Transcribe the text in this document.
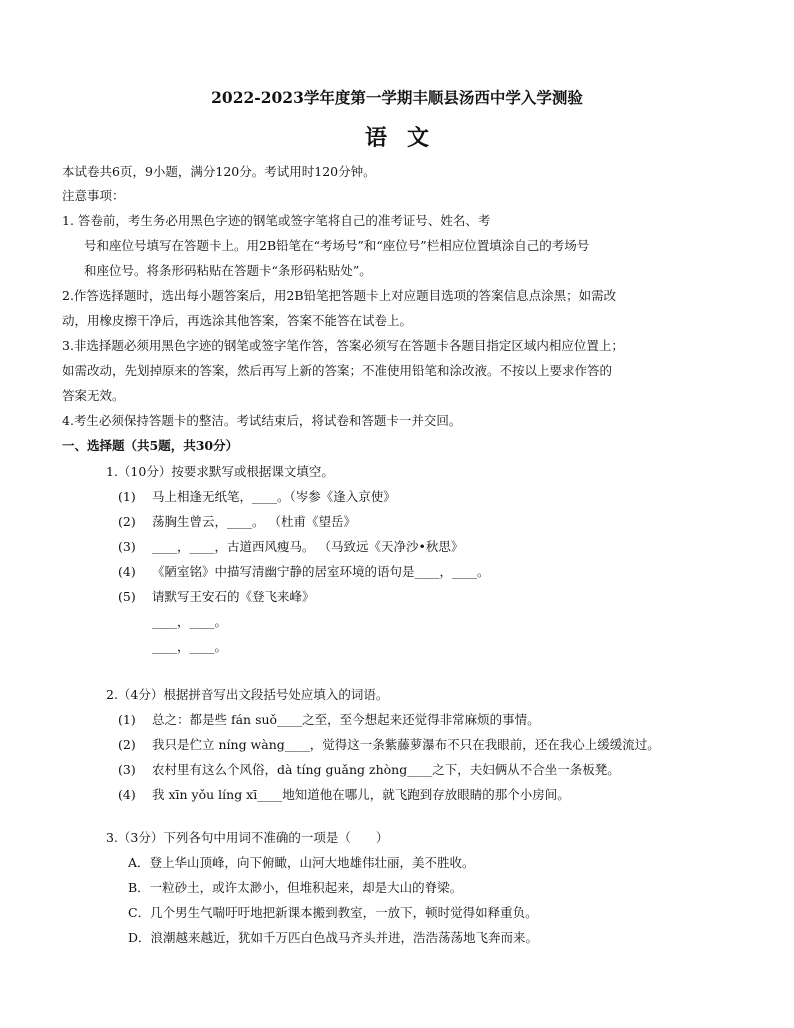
2022-2023学年度第一学期丰顺县汤西中学入学测验
语文
本试卷共6页，9小题，满分120分。考试用时120分钟。
注意事项：
1. 答卷前，考生务必用黑色字迹的钢笔或签字笔将自己的准考证号、姓名、考
号和座位号填写在答题卡上。用2B铅笔在“考场号”和“座位号”栏相应位置填涂自己的考场号
和座位号。将条形码粘贴在答题卡“条形码粘贴处”。
2.作答选择题时，选出每小题答案后，用2B铅笔把答题卡上对应题目选项的答案信息点涂黑；如需改
动，用橡皮擦干净后，再选涂其他答案，答案不能答在试卷上。
3.非选择题必须用黑色字迹的钢笔或签字笔作答，答案必须写在答题卡各题目指定区域内相应位置上；
如需改动，先划掉原来的答案，然后再写上新的答案；不准使用铅笔和涂改液。不按以上要求作答的
答案无效。
4.考生必须保持答题卡的整洁。考试结束后，将试卷和答题卡一并交回。
一、选择题（共5题，共30分）
1.（10分）按要求默写或根据课文填空。
(1) 马上相逢无纸笔，____。（岑参《逢入京使》
(2) 荡胸生曾云，____。 （杜甫《望岳》
(3) ____，____，古道西风瘦马。 （马致远《天净沙•秋思》
(4) 《陋室铭》中描写清幽宁静的居室环境的语句是____，____。
(5) 请默写王安石的《登飞来峰》
____，____。
____，____。
2.（4分）根据拼音写出文段括号处应填入的词语。
(1) 总之：都是些 fán suǒ____之至，至今想起来还觉得非常麻烦的事情。
(2) 我只是伫立 níng wàng____，觉得这一条紫藤萝瀑布不只在我眼前，还在我心上缓缓流过。
(3) 农村里有这么个风俗，dà tíng guǎng zhòng____之下，夫妇俩从不合坐一条板凳。
(4) 我 xīn yǒu líng xī____地知道他在哪儿，就飞跑到存放眼睛的那个小房间。
3.（3分）下列各句中用词不准确的一项是（　　）
A．登上华山顶峰，向下俯瞰，山河大地雄伟壮丽，美不胜收。
B．一粒砂土，或许太渺小，但堆积起来，却是大山的脊梁。
C．几个男生气喘吁吁地把新课本搬到教室，一放下，顿时觉得如释重负。
D．浪潮越来越近，犹如千万匹白色战马齐头并进，浩浩荡荡地飞奔而来。
